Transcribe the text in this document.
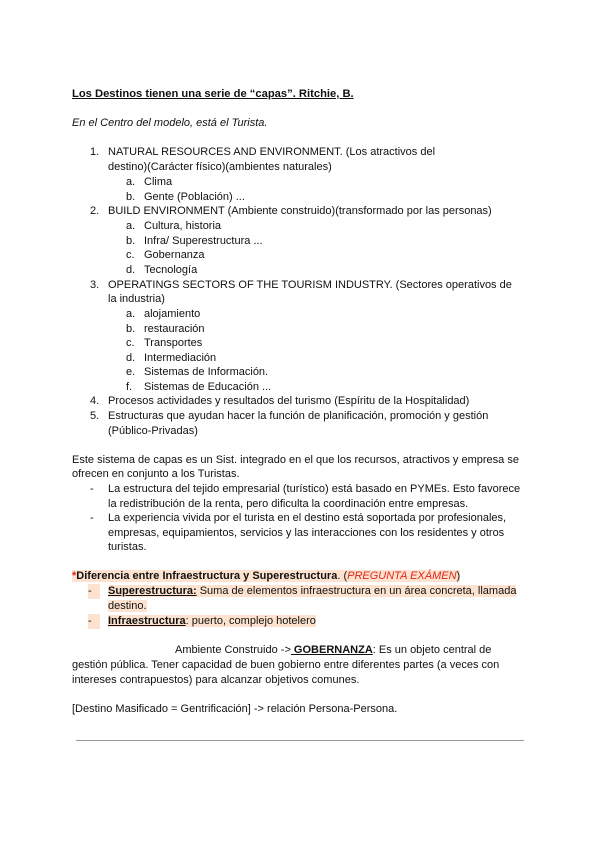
Los Destinos tienen una serie de “capas”. Ritchie, B.
En el Centro del modelo, está el Turista.
1. NATURAL RESOURCES AND ENVIRONMENT. (Los atractivos del
destino)(Carácter físico)(ambientes naturales)
a. Clima
b. Gente (Población) ...
2. BUILD ENVIRONMENT (Ambiente construido)(transformado por las personas)
a. Cultura, historia
b. Infra/ Superestructura ...
c. Gobernanza
d. Tecnología
3. OPERATINGS SECTORS OF THE TOURISM INDUSTRY. (Sectores operativos de
la industria)
a. alojamiento
b. restauración
c. Transportes
d. Intermediación
e. Sistemas de Información.
f. Sistemas de Educación ...
4. Procesos actividades y resultados del turismo (Espíritu de la Hospitalidad)
5. Estructuras que ayudan hacer la función de planificación, promoción y gestión
(Público-Privadas)
Este sistema de capas es un Sist. integrado en el que los recursos, atractivos y empresa se
ofrecen en conjunto a los Turistas.
- La estructura del tejido empresarial (turístico) está basado en PYMEs. Esto favorece
la redistribución de la renta, pero dificulta la coordinación entre empresas.
- La experiencia vivida por el turista en el destino está soportada por profesionales,
empresas, equipamientos, servicios y las interacciones con los residentes y otros
turistas.
*Diferencia entre Infraestructura y Superestructura. (PREGUNTA EXÁMEN)
-	Superestructura: Suma de elementos infraestructura en un área concreta, llamada
destino.
-	Infraestructura: puerto, complejo hotelero
Ambiente Construido -> GOBERNANZA: Es un objeto central de
gestión pública. Tener capacidad de buen gobierno entre diferentes partes (a veces con
intereses contrapuestos) para alcanzar objetivos comunes.
[Destino Masificado = Gentrificación] -> relación Persona-Persona.
